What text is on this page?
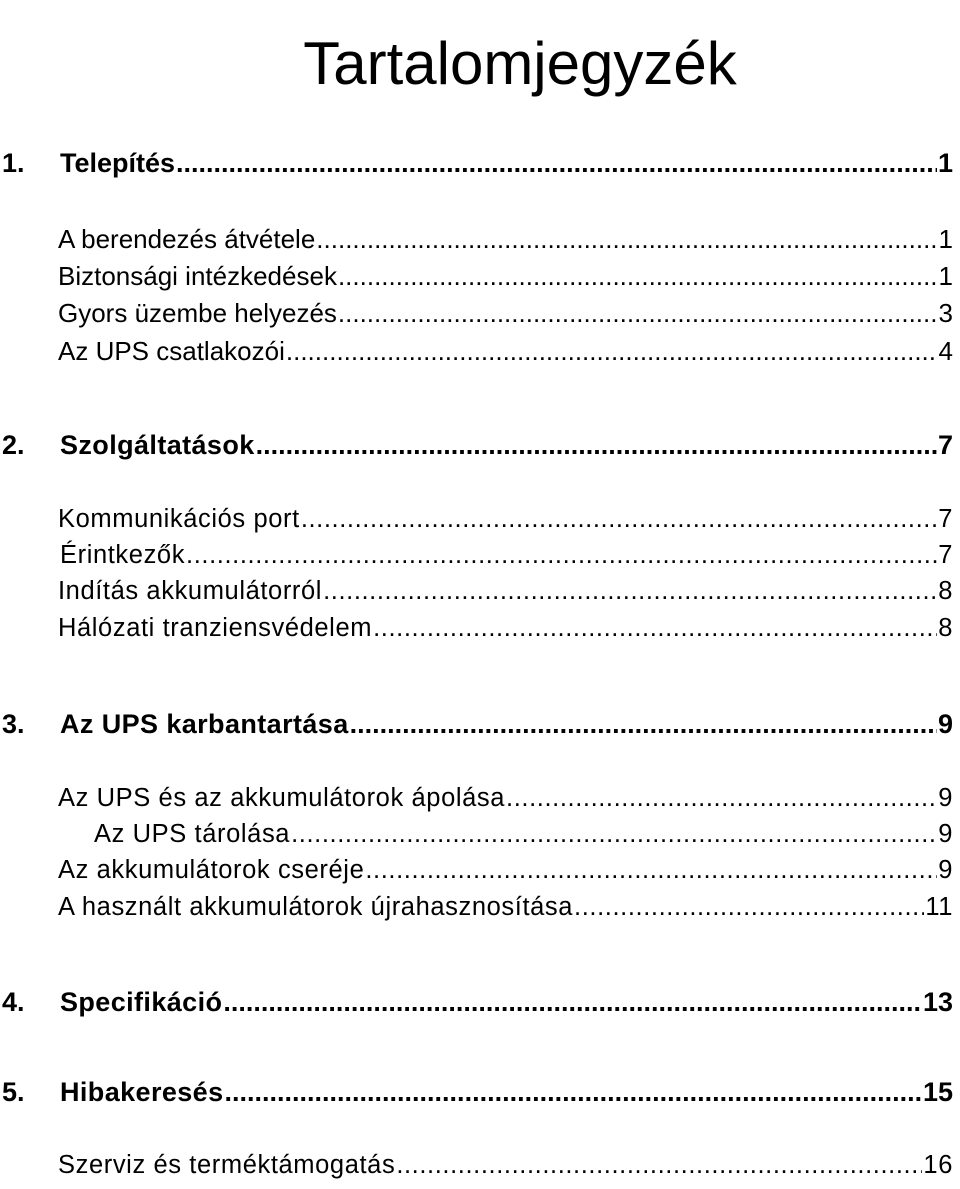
Tartalomjegyzék
1.	Telepítés .....	1
A berendezés átvétele .....	1
Biztonsági intézkedések .....	1
Gyors üzembe helyezés .....	3
Az UPS csatlakozói .....	4
2.	Szolgáltatások .....	7
Kommunikációs port .....	7
Érintkezők .....	7
Indítás akkumulátorról .....	8
Hálózati tranziensvédelem .....	8
3.	Az UPS karbantartása .....	9
Az UPS és az akkumulátorok ápolása .....	9
Az UPS tárolása .....	9
Az akkumulátorok cseréje .....	9
A használt akkumulátorok újrahasznosítása .....	11
4.	Specifikáció .....	13
5.	Hibakeresés .....	15
Szerviz és terméktámogatás .....	16
